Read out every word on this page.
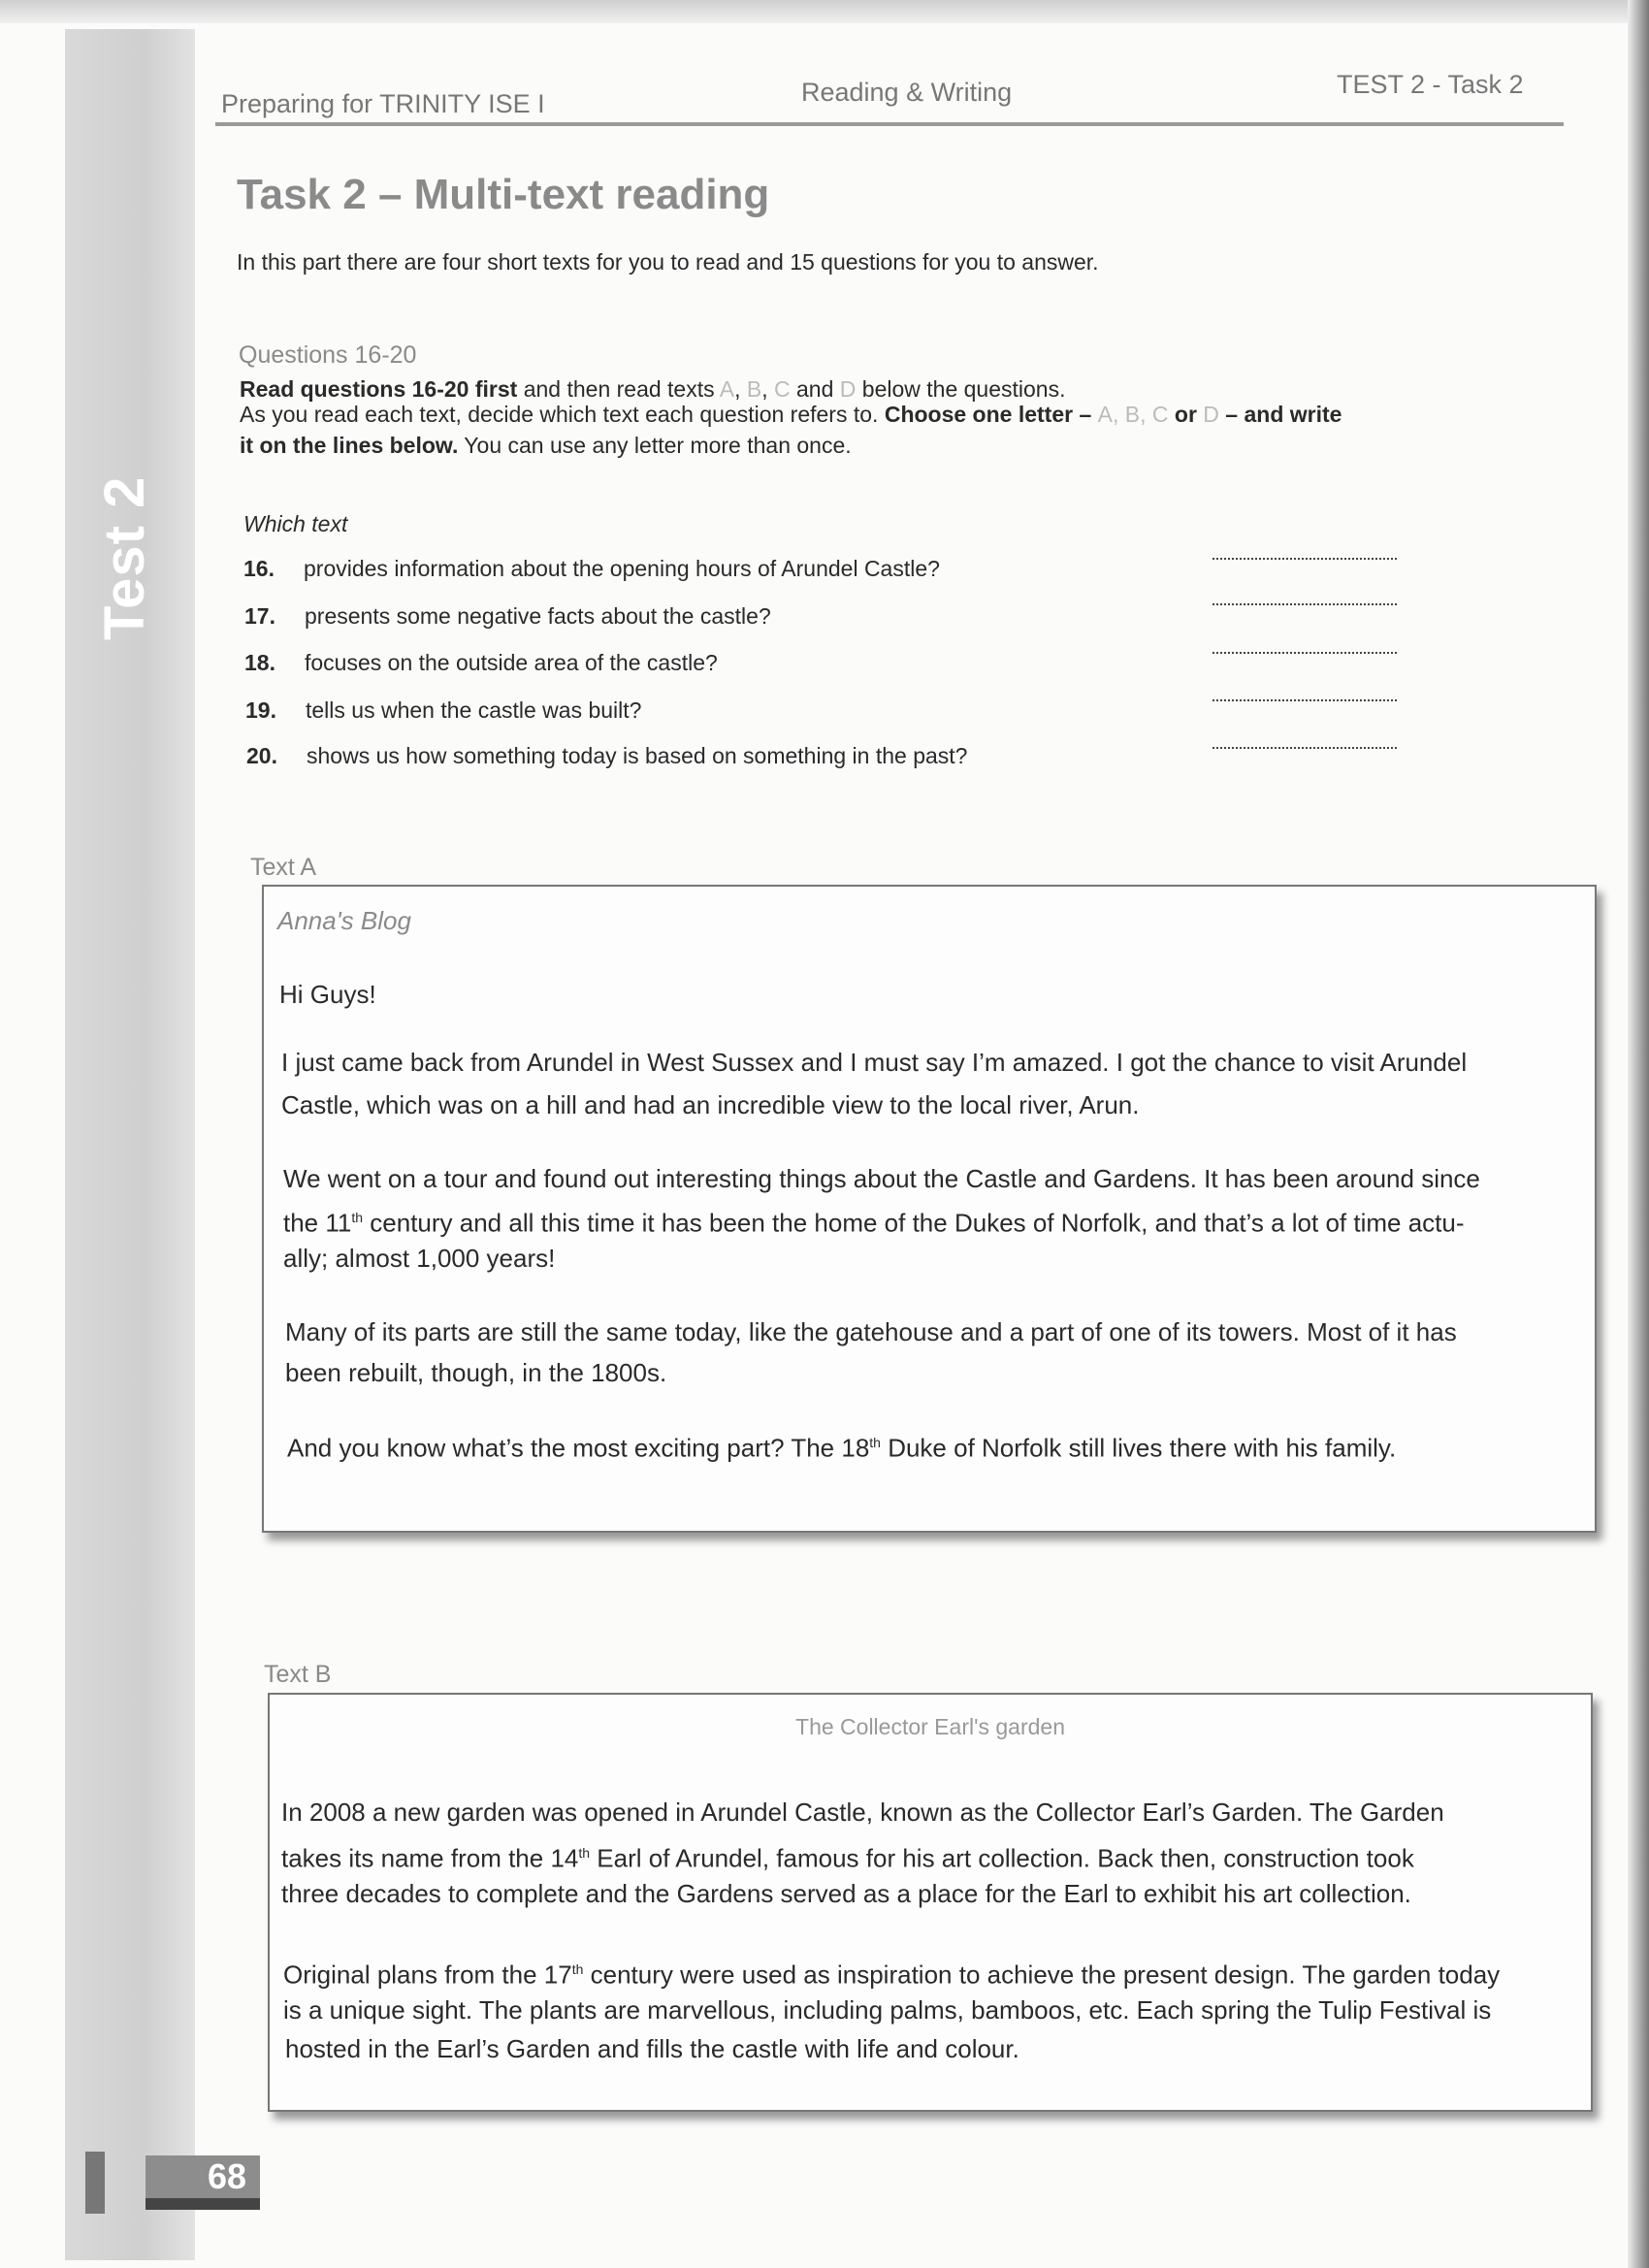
Test 2
Preparing for TRINITY ISE I	Reading & Writing	TEST 2 - Task 2
Task 2 – Multi-text reading
In this part there are four short texts for you to read and 15 questions for you to answer.
Questions 16-20
Read questions 16-20 first and then read texts A, B, C and D below the questions.
As you read each text, decide which text each question refers to. Choose one letter – A, B, C or D – and write
it on the lines below. You can use any letter more than once.
Which text
16. provides information about the opening hours of Arundel Castle?
17. presents some negative facts about the castle?
18. focuses on the outside area of the castle?
19. tells us when the castle was built?
20. shows us how something today is based on something in the past?
Text A
Anna's Blog
Hi Guys!
I just came back from Arundel in West Sussex and I must say I’m amazed. I got the chance to visit Arundel
Castle, which was on a hill and had an incredible view to the local river, Arun.
We went on a tour and found out interesting things about the Castle and Gardens. It has been around since
the 11th century and all this time it has been the home of the Dukes of Norfolk, and that’s a lot of time actu-
ally; almost 1,000 years!
Many of its parts are still the same today, like the gatehouse and a part of one of its towers. Most of it has
been rebuilt, though, in the 1800s.
And you know what’s the most exciting part? The 18th Duke of Norfolk still lives there with his family.
Text B
The Collector Earl's garden
In 2008 a new garden was opened in Arundel Castle, known as the Collector Earl’s Garden. The Garden
takes its name from the 14th Earl of Arundel, famous for his art collection. Back then, construction took
three decades to complete and the Gardens served as a place for the Earl to exhibit his art collection.
Original plans from the 17th century were used as inspiration to achieve the present design. The garden today
is a unique sight. The plants are marvellous, including palms, bamboos, etc. Each spring the Tulip Festival is
hosted in the Earl’s Garden and fills the castle with life and colour.
68
